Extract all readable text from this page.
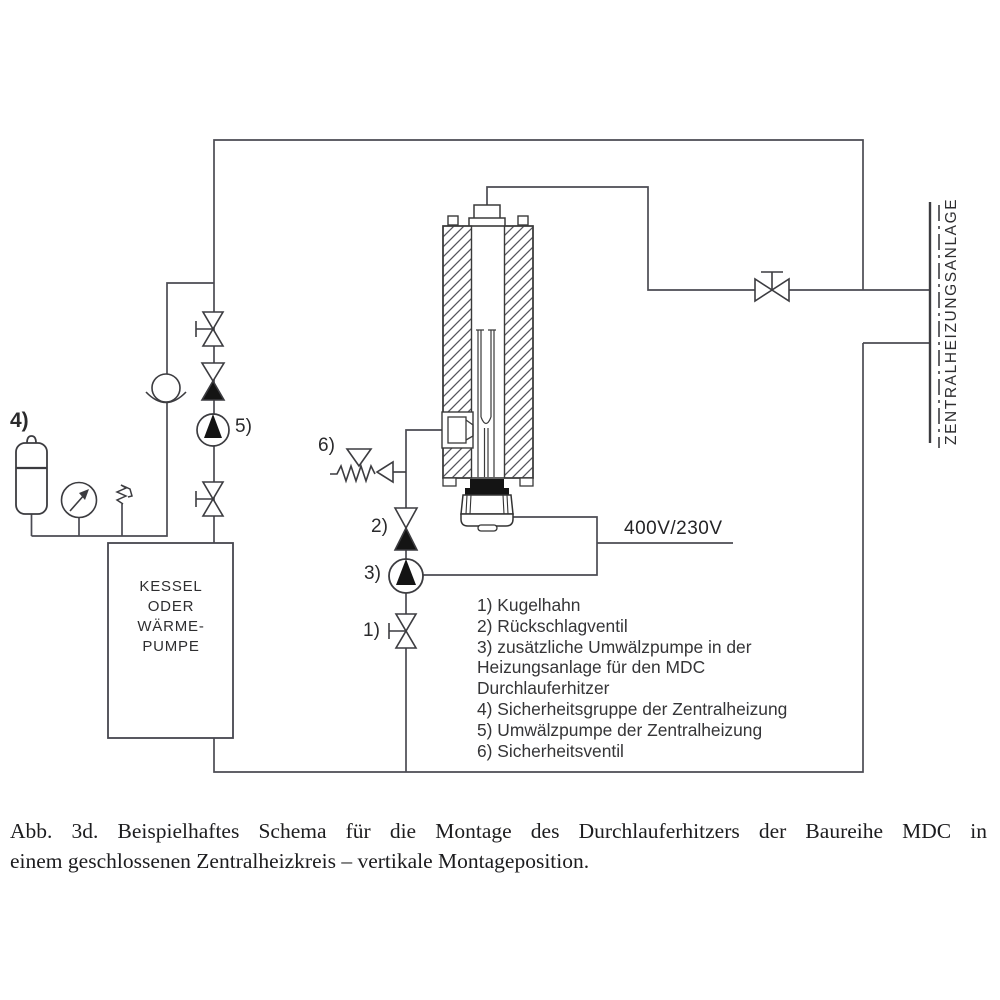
KESSEL
ODER
WÄRME-
PUMPE
ZENTRALHEIZUNGSANLAGE
400V/230V
1)
2)
3)
4)	5)
6)
1) Kugelhahn
2) Rückschlagventil
3) zusätzliche Umwälzpumpe in der
Heizungsanlage für den MDC
Durchlauferhitzer
4) Sicherheitsgruppe der Zentralheizung
5) Umwälzpumpe der Zentralheizung
6) Sicherheitsventil
Abb. 3d. Beispielhaftes Schema für die Montage des Durchlauferhitzers der Baureihe MDC in
einem geschlossenen Zentralheizkreis – vertikale Montageposition.
